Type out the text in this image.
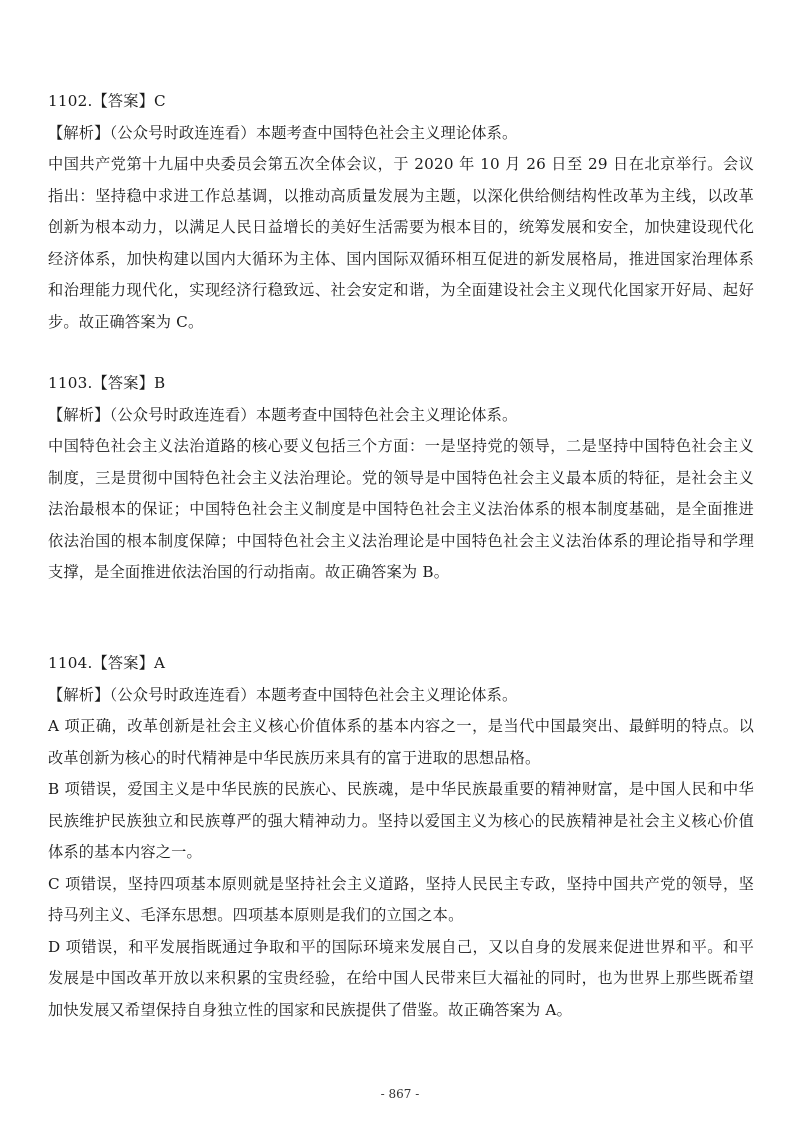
1102.【答案】C

【解析】（公众号时政连连看）本题考查中国特色社会主义理论体系。

中国共产党第十九届中央委员会第五次全体会议，于 2020 年 10 月 26 日至 29 日在北京举行。会议指出：坚持稳中求进工作总基调，以推动高质量发展为主题，以深化供给侧结构性改革为主线，以改革创新为根本动力，以满足人民日益增长的美好生活需要为根本目的，统筹发展和安全，加快建设现代化经济体系，加快构建以国内大循环为主体、国内国际双循环相互促进的新发展格局，推进国家治理体系和治理能力现代化，实现经济行稳致远、社会安定和谐，为全面建设社会主义现代化国家开好局、起好步。故正确答案为 C。

1103.【答案】B

【解析】（公众号时政连连看）本题考查中国特色社会主义理论体系。

中国特色社会主义法治道路的核心要义包括三个方面：一是坚持党的领导，二是坚持中国特色社会主义制度，三是贯彻中国特色社会主义法治理论。党的领导是中国特色社会主义最本质的特征，是社会主义法治最根本的保证；中国特色社会主义制度是中国特色社会主义法治体系的根本制度基础，是全面推进依法治国的根本制度保障；中国特色社会主义法治理论是中国特色社会主义法治体系的理论指导和学理支撑，是全面推进依法治国的行动指南。故正确答案为 B。

1104.【答案】A

【解析】（公众号时政连连看）本题考查中国特色社会主义理论体系。

A 项正确，改革创新是社会主义核心价值体系的基本内容之一，是当代中国最突出、最鲜明的特点。以改革创新为核心的时代精神是中华民族历来具有的富于进取的思想品格。

B 项错误，爱国主义是中华民族的民族心、民族魂，是中华民族最重要的精神财富，是中国人民和中华民族维护民族独立和民族尊严的强大精神动力。坚持以爱国主义为核心的民族精神是社会主义核心价值体系的基本内容之一。

C 项错误，坚持四项基本原则就是坚持社会主义道路，坚持人民民主专政，坚持中国共产党的领导，坚持马列主义、毛泽东思想。四项基本原则是我们的立国之本。

D 项错误，和平发展指既通过争取和平的国际环境来发展自己，又以自身的发展来促进世界和平。和平发展是中国改革开放以来积累的宝贵经验，在给中国人民带来巨大福祉的同时，也为世界上那些既希望加快发展又希望保持自身独立性的国家和民族提供了借鉴。故正确答案为 A。

- 867 -
